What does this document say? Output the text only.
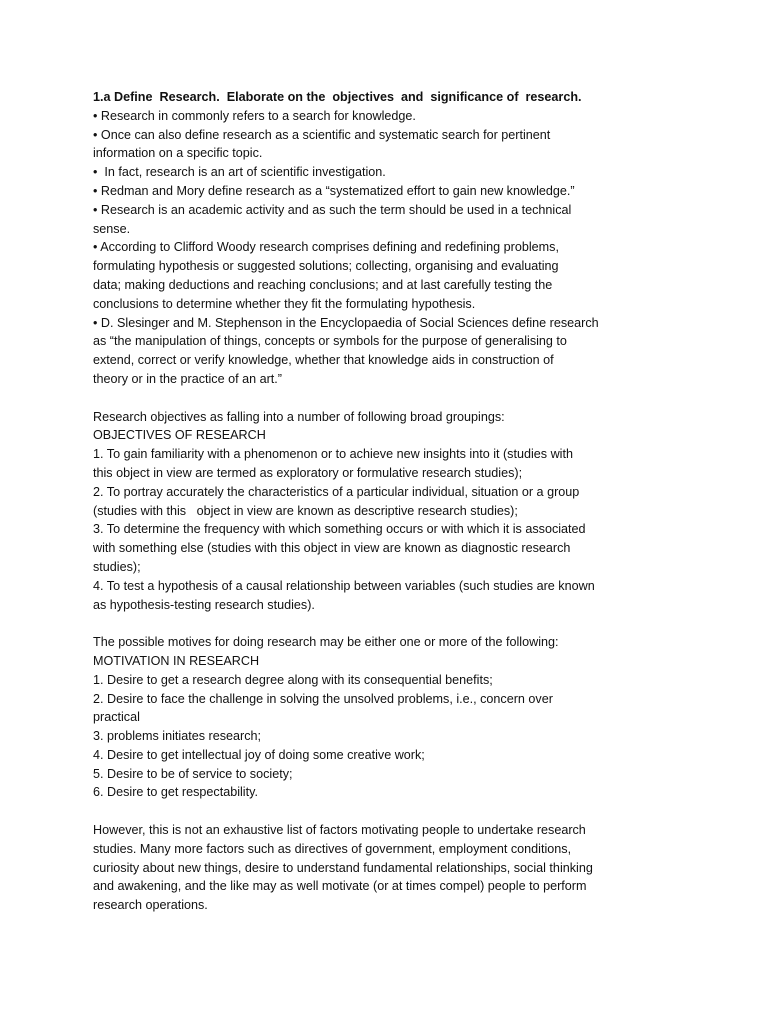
1.a Define  Research.  Elaborate on the  objectives  and  significance of  research.
• Research in commonly refers to a search for knowledge.
• Once can also define research as a scientific and systematic search for pertinent
information on a specific topic.
•  In fact, research is an art of scientific investigation.
• Redman and Mory define research as a “systematized effort to gain new knowledge.”
• Research is an academic activity and as such the term should be used in a technical
sense.
• According to Clifford Woody research comprises defining and redefining problems,
formulating hypothesis or suggested solutions; collecting, organising and evaluating
data; making deductions and reaching conclusions; and at last carefully testing the
conclusions to determine whether they fit the formulating hypothesis.
• D. Slesinger and M. Stephenson in the Encyclopaedia of Social Sciences define research
as “the manipulation of things, concepts or symbols for the purpose of generalising to
extend, correct or verify knowledge, whether that knowledge aids in construction of
theory or in the practice of an art.”
Research objectives as falling into a number of following broad groupings:
OBJECTIVES OF RESEARCH
1. To gain familiarity with a phenomenon or to achieve new insights into it (studies with
this object in view are termed as exploratory or formulative research studies);
2. To portray accurately the characteristics of a particular individual, situation or a group
(studies with this   object in view are known as descriptive research studies);
3. To determine the frequency with which something occurs or with which it is associated
with something else (studies with this object in view are known as diagnostic research
studies);
4. To test a hypothesis of a causal relationship between variables (such studies are known
as hypothesis-testing research studies).
The possible motives for doing research may be either one or more of the following:
MOTIVATION IN RESEARCH
1. Desire to get a research degree along with its consequential benefits;
2. Desire to face the challenge in solving the unsolved problems, i.e., concern over
practical
3. problems initiates research;
4. Desire to get intellectual joy of doing some creative work;
5. Desire to be of service to society;
6. Desire to get respectability.
However, this is not an exhaustive list of factors motivating people to undertake research
studies. Many more factors such as directives of government, employment conditions,
curiosity about new things, desire to understand fundamental relationships, social thinking
and awakening, and the like may as well motivate (or at times compel) people to perform
research operations.
